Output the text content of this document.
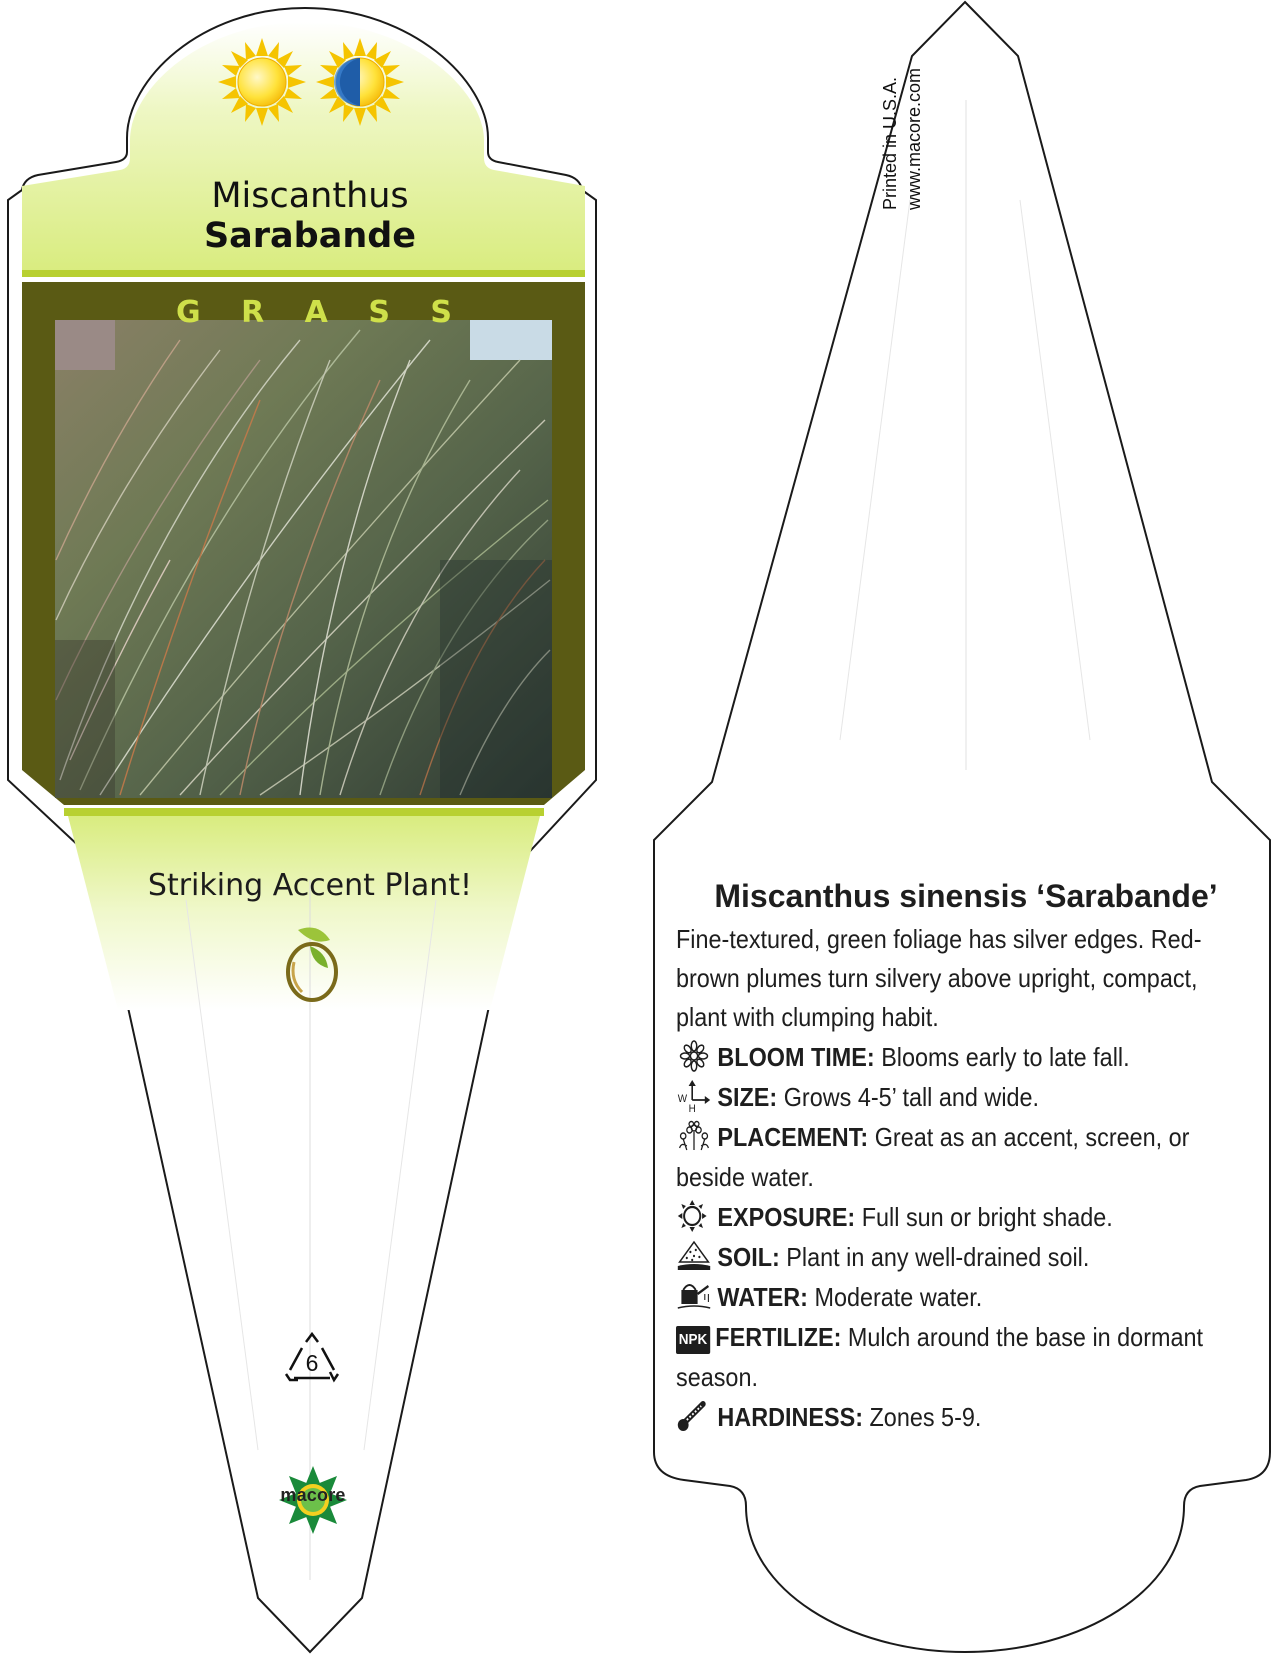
Miscanthus
Sarabande
G R A S S
Striking Accent Plant!
6
macore
Printed in U.S.A. www.macore.com
Miscanthus sinensis ‘Sarabande’
Fine-textured, green foliage has silver edges. Red-brown plumes turn silvery above upright, compact, plant with clumping habit.
BLOOM TIME: Blooms early to late fall.
W
H SIZE: Grows 4-5’ tall and wide.
PLACEMENT: Great as an accent, screen, or beside water.
EXPOSURE: Full sun or bright shade.
SOIL: Plant in any well-drained soil.
WATER: Moderate water.
NPK FERTILIZE: Mulch around the base in dormant season.
HARDINESS: Zones 5-9.
